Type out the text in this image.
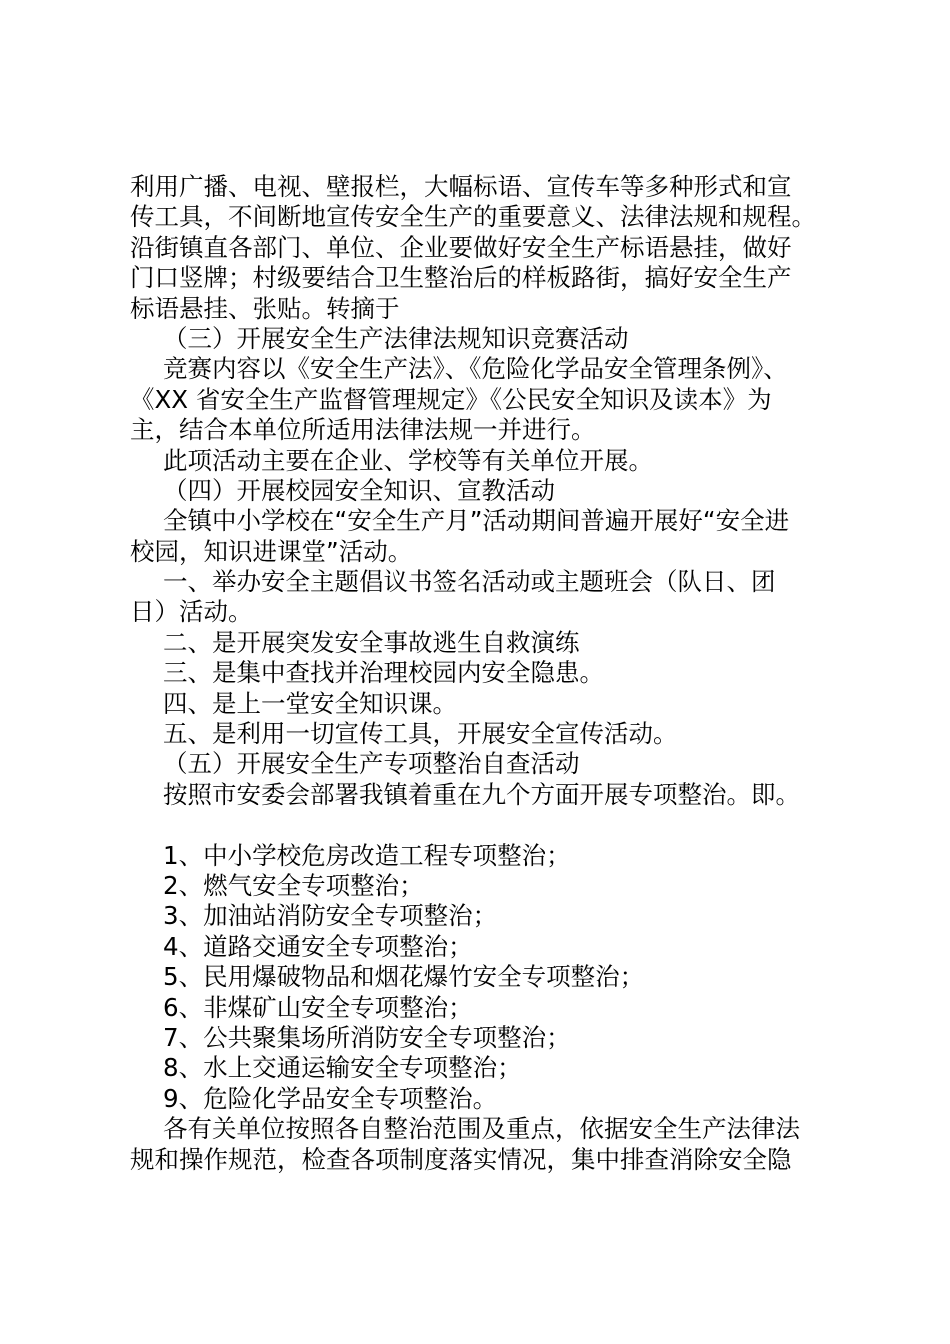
利用广播、电视、壁报栏，大幅标语、宣传车等多种形式和宣
传工具，不间断地宣传安全生产的重要意义、法律法规和规程。
沿街镇直各部门、单位、企业要做好安全生产标语悬挂，做好
门口竖牌；村级要结合卫生整治后的样板路街，搞好安全生产
标语悬挂、张贴。转摘于
（三）开展安全生产法律法规知识竞赛活动
竞赛内容以《安全生产法》、《危险化学品安全管理条例》、
《XX 省安全生产监督管理规定》《公民安全知识及读本》为
主，结合本单位所适用法律法规一并进行。
此项活动主要在企业、学校等有关单位开展。
（四）开展校园安全知识、宣教活动
全镇中小学校在“安全生产月”活动期间普遍开展好“安全进
校园，知识进课堂”活动。
一、举办安全主题倡议书签名活动或主题班会（队日、团
日）活动。
二、是开展突发安全事故逃生自救演练
三、是集中查找并治理校园内安全隐患。
四、是上一堂安全知识课。
五、是利用一切宣传工具，开展安全宣传活动。
（五）开展安全生产专项整治自查活动
按照市安委会部署我镇着重在九个方面开展专项整治。即。
1、中小学校危房改造工程专项整治；
2、燃气安全专项整治；
3、加油站消防安全专项整治；
4、道路交通安全专项整治；
5、民用爆破物品和烟花爆竹安全专项整治；
6、非煤矿山安全专项整治；
7、公共聚集场所消防安全专项整治；
8、水上交通运输安全专项整治；
9、危险化学品安全专项整治。
各有关单位按照各自整治范围及重点，依据安全生产法律法
规和操作规范，检查各项制度落实情况，集中排查消除安全隐
